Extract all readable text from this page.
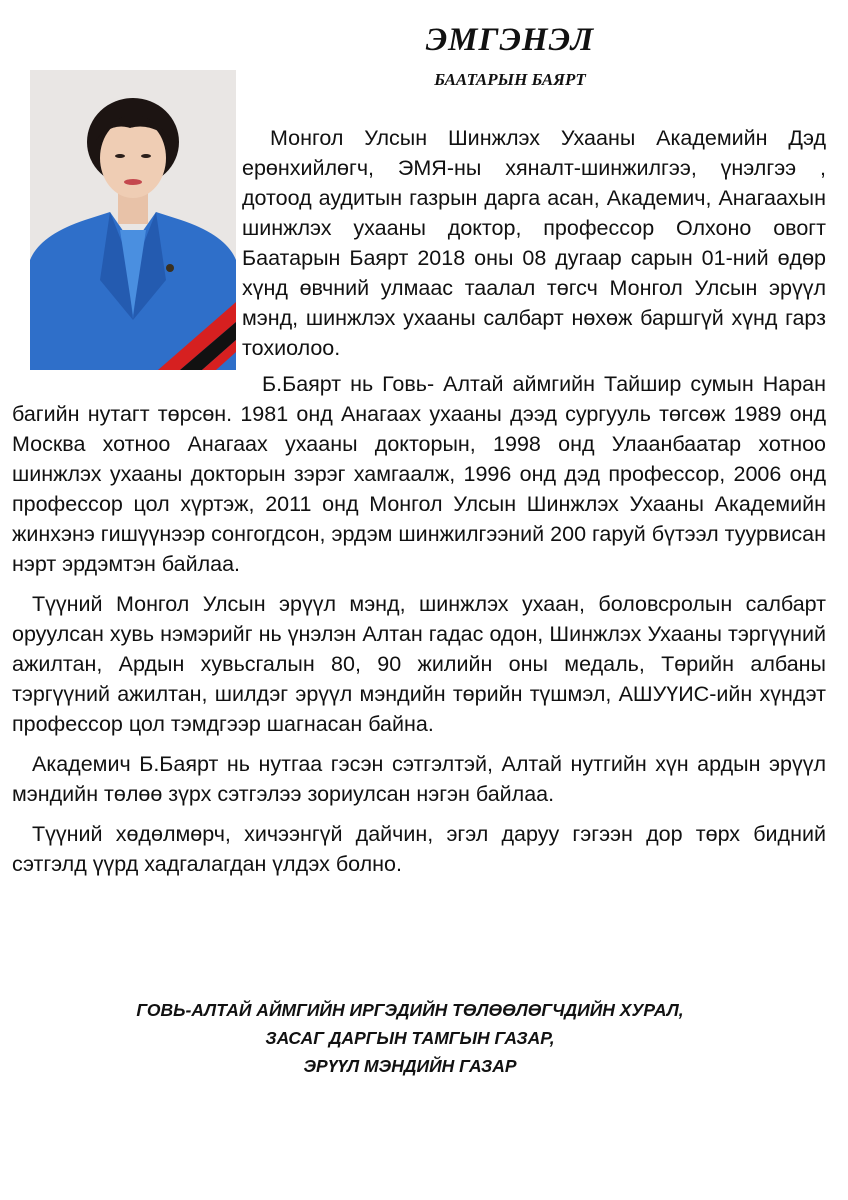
ЭМГЭНЭЛ
БААТАРЫН БАЯРТ

Монгол Улсын Шинжлэх Ухааны Академийн Дэд ерөнхийлөгч, ЭМЯ-ны хяналт-шинжилгээ, үнэлгээ , дотоод аудитын газрын дарга асан, Академич, Анагаахын шинжлэх ухааны доктор, профессор Олхоно овогт Баатарын Баярт 2018 оны 08 дугаар сарын 01-ний өдөр хүнд өвчний улмаас таалал төгсч Монгол Улсын эрүүл мэнд, шинжлэх ухааны салбарт нөхөж баршгүй хүнд гарз тохиолоо.

Б.Баярт нь Говь- Алтай аймгийн Тайшир сумын Наран багийн нутагт төрсөн. 1981 онд Анагаах ухааны дээд сургууль төгсөж 1989 онд Москва хотноо Анагаах ухааны докторын, 1998 онд Улаанбаатар хотноо шинжлэх ухааны докторын зэрэг хамгаалж, 1996 онд дэд профессор, 2006 онд профессор цол хүртэж, 2011 онд Монгол Улсын Шинжлэх Ухааны Академийн жинхэнэ гишүүнээр сонгогдсон, эрдэм шинжилгээний 200 гаруй бүтээл туурвисан нэрт эрдэмтэн байлаа.

Түүний Монгол Улсын эрүүл мэнд, шинжлэх ухаан, боловсролын салбарт оруулсан хувь нэмэрийг нь үнэлэн Алтан гадас одон, Шинжлэх Ухааны тэргүүний ажилтан, Ардын хувьсгалын 80, 90 жилийн оны медаль, Төрийн албаны тэргүүний ажилтан, шилдэг эрүүл мэндийн төрийн түшмэл, АШУҮИС-ийн хүндэт профессор цол тэмдгээр шагнасан байна.

Академич Б.Баярт нь нутгаа гэсэн сэтгэлтэй, Алтай нутгийн хүн ардын эрүүл мэндийн төлөө зүрх сэтгэлээ зориулсан нэгэн байлаа.

Түүний хөдөлмөрч, хичээнгүй дайчин, эгэл даруу гэгээн дор төрх бидний сэтгэлд үүрд хадгалагдан үлдэх болно.

ГОВЬ-АЛТАЙ АЙМГИЙН ИРГЭДИЙН ТӨЛӨӨЛӨГЧДИЙН ХУРАЛ,
ЗАСАГ ДАРГЫН ТАМГЫН ГАЗАР,
ЭРҮҮЛ МЭНДИЙН ГАЗАР
